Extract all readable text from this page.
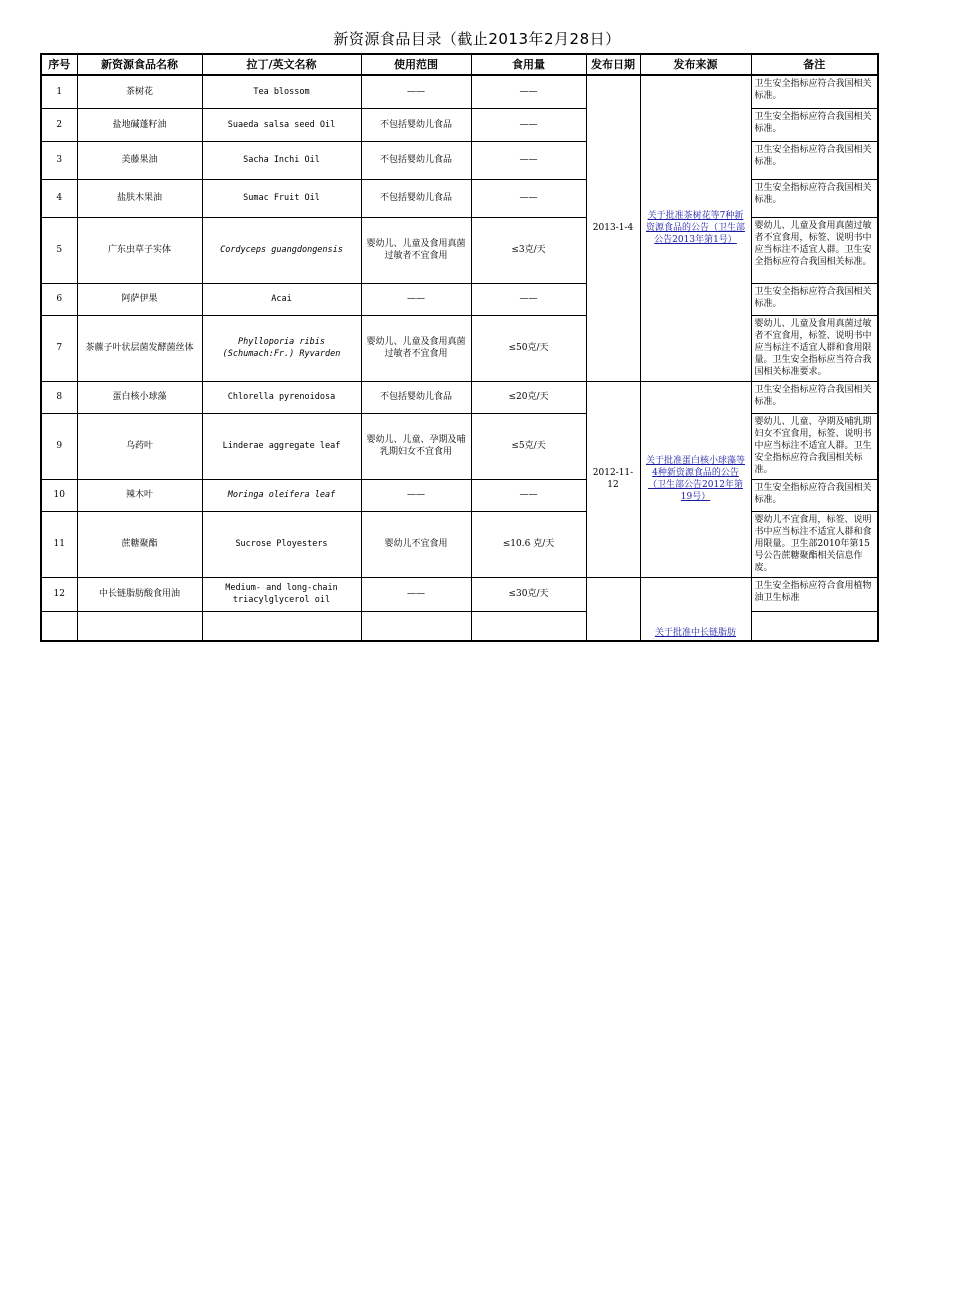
新资源食品目录（截止2013年2月28日）
序号	新资源食品名称	拉丁/英文名称	使用范围	食用量	发布日期	发布来源	备注
1	茶树花	Tea blossom	——	——	2013-1-4	关于批准茶树花等7种新资源食品的公告（卫生部公告2013年第1号）	卫生安全指标应符合我国相关标准。
2	盐地碱蓬籽油	Suaeda salsa seed Oil	不包括婴幼儿食品	——			卫生安全指标应符合我国相关标准。
3	美藤果油	Sacha Inchi Oil	不包括婴幼儿食品	——			卫生安全指标应符合我国相关标准。
4	盐肤木果油	Sumac Fruit Oil	不包括婴幼儿食品	——			卫生安全指标应符合我国相关标准。
5	广东虫草子实体	Cordyceps guangdongensis	婴幼儿、儿童及食用真菌过敏者不宜食用	≤3克/天			婴幼儿、儿童及食用真菌过敏者不宜食用，标签、说明书中应当标注不适宜人群。卫生安全指标应符合我国相关标准。
6	阿萨伊果	Acai	——	——			卫生安全指标应符合我国相关标准。
7	茶藨子叶状层菌发酵菌丝体	Phylloporia ribis (Schumach:Fr.) Ryvarden	婴幼儿、儿童及食用真菌过敏者不宜食用	≤50克/天			婴幼儿、儿童及食用真菌过敏者不宜食用，标签、说明书中应当标注不适宜人群和食用限量。卫生安全指标应当符合我国相关标准要求。
8	蛋白核小球藻	Chlorella pyrenoidosa	不包括婴幼儿食品	≤20克/天	2012-11-12	关于批准蛋白核小球藻等4种新资源食品的公告（卫生部公告2012年第19号）	卫生安全指标应符合我国相关标准。
9	乌药叶	Linderae aggregate leaf	婴幼儿、儿童、孕期及哺乳期妇女不宜食用	≤5克/天			婴幼儿、儿童、孕期及哺乳期妇女不宜食用，标签、说明书中应当标注不适宜人群。卫生安全指标应符合我国相关标准。
10	辣木叶	Moringa oleifera leaf	——	——			卫生安全指标应符合我国相关标准。
11	蔗糖聚酯	Sucrose Ployesters	婴幼儿不宜食用	≤10.6 克/天			婴幼儿不宜食用，标签、说明书中应当标注不适宜人群和食用限量。卫生部2010年第15号公告蔗糖聚酯相关信息作废。
12	中长链脂肪酸食用油	Medium- and long-chain triacylglycerol oil	——	≤30克/天		关于批准中长链脂肪	卫生安全指标应符合食用植物油卫生标准
